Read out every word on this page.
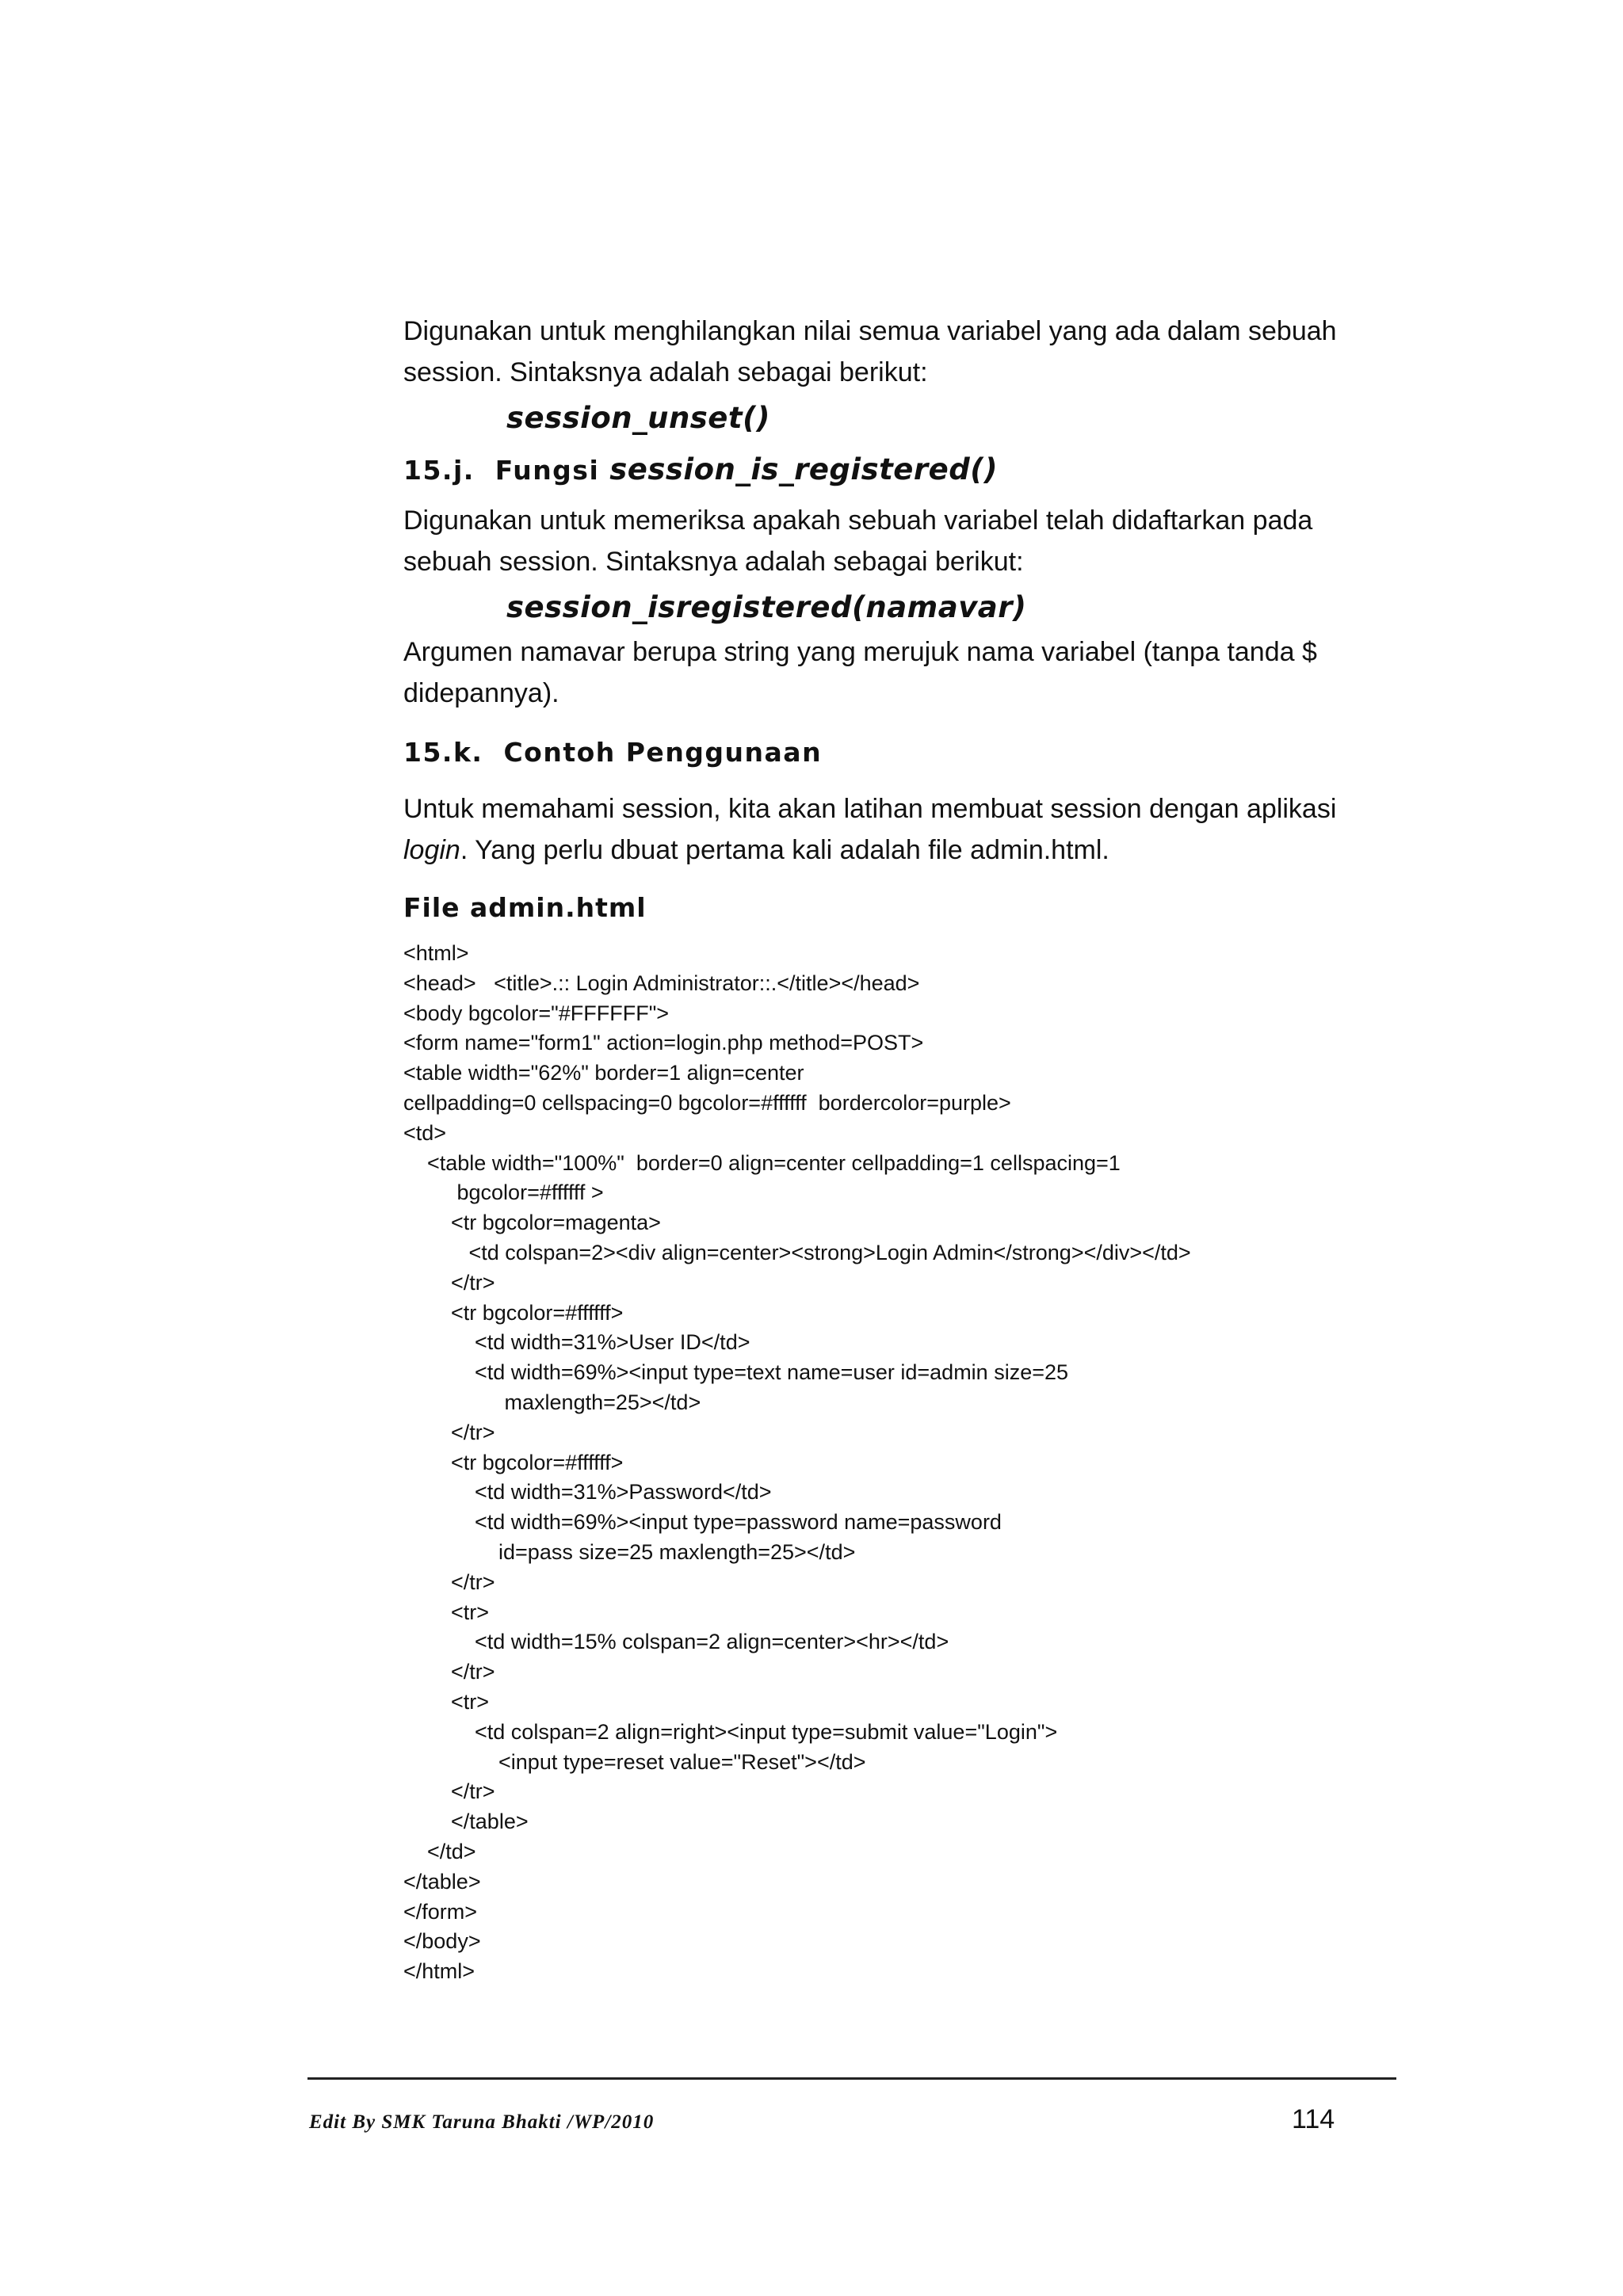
Digunakan untuk menghilangkan nilai semua variabel yang ada dalam sebuah
session. Sintaksnya adalah sebagai berikut:

session_unset()

15.j. Fungsi session_is_registered()

Digunakan untuk memeriksa apakah sebuah variabel telah didaftarkan pada
sebuah session. Sintaksnya adalah sebagai berikut:

session_isregistered(namavar)

Argumen namavar berupa string yang merujuk nama variabel (tanpa tanda $
didepannya).

15.k. Contoh Penggunaan

Untuk memahami session, kita akan latihan membuat session dengan aplikasi
login. Yang perlu dbuat pertama kali adalah file admin.html.

File admin.html

<html>
<head>   <title>.:: Login Administrator::.</title></head>
<body bgcolor="#FFFFFF">
<form name="form1" action=login.php method=POST>
<table width="62%" border=1 align=center
cellpadding=0 cellspacing=0 bgcolor=#ffffff  bordercolor=purple>
<td>
<table width="100%"  border=0 align=center cellpadding=1 cellspacing=1
bgcolor=#ffffff >
<tr bgcolor=magenta>
<td colspan=2><div align=center><strong>Login Admin</strong></div></td>
</tr>
<tr bgcolor=#ffffff>
<td width=31%>User ID</td>
<td width=69%><input type=text name=user id=admin size=25
maxlength=25></td>
</tr>
<tr bgcolor=#ffffff>
<td width=31%>Password</td>
<td width=69%><input type=password name=password
id=pass size=25 maxlength=25></td>
</tr>
<tr>
<td width=15% colspan=2 align=center><hr></td>
</tr>
<tr>
<td colspan=2 align=right><input type=submit value="Login">
<input type=reset value="Reset"></td>
</tr>
</table>
</td>
</table>
</form>
</body>
</html>
Edit By SMK Taruna Bhakti /WP/2010	114
